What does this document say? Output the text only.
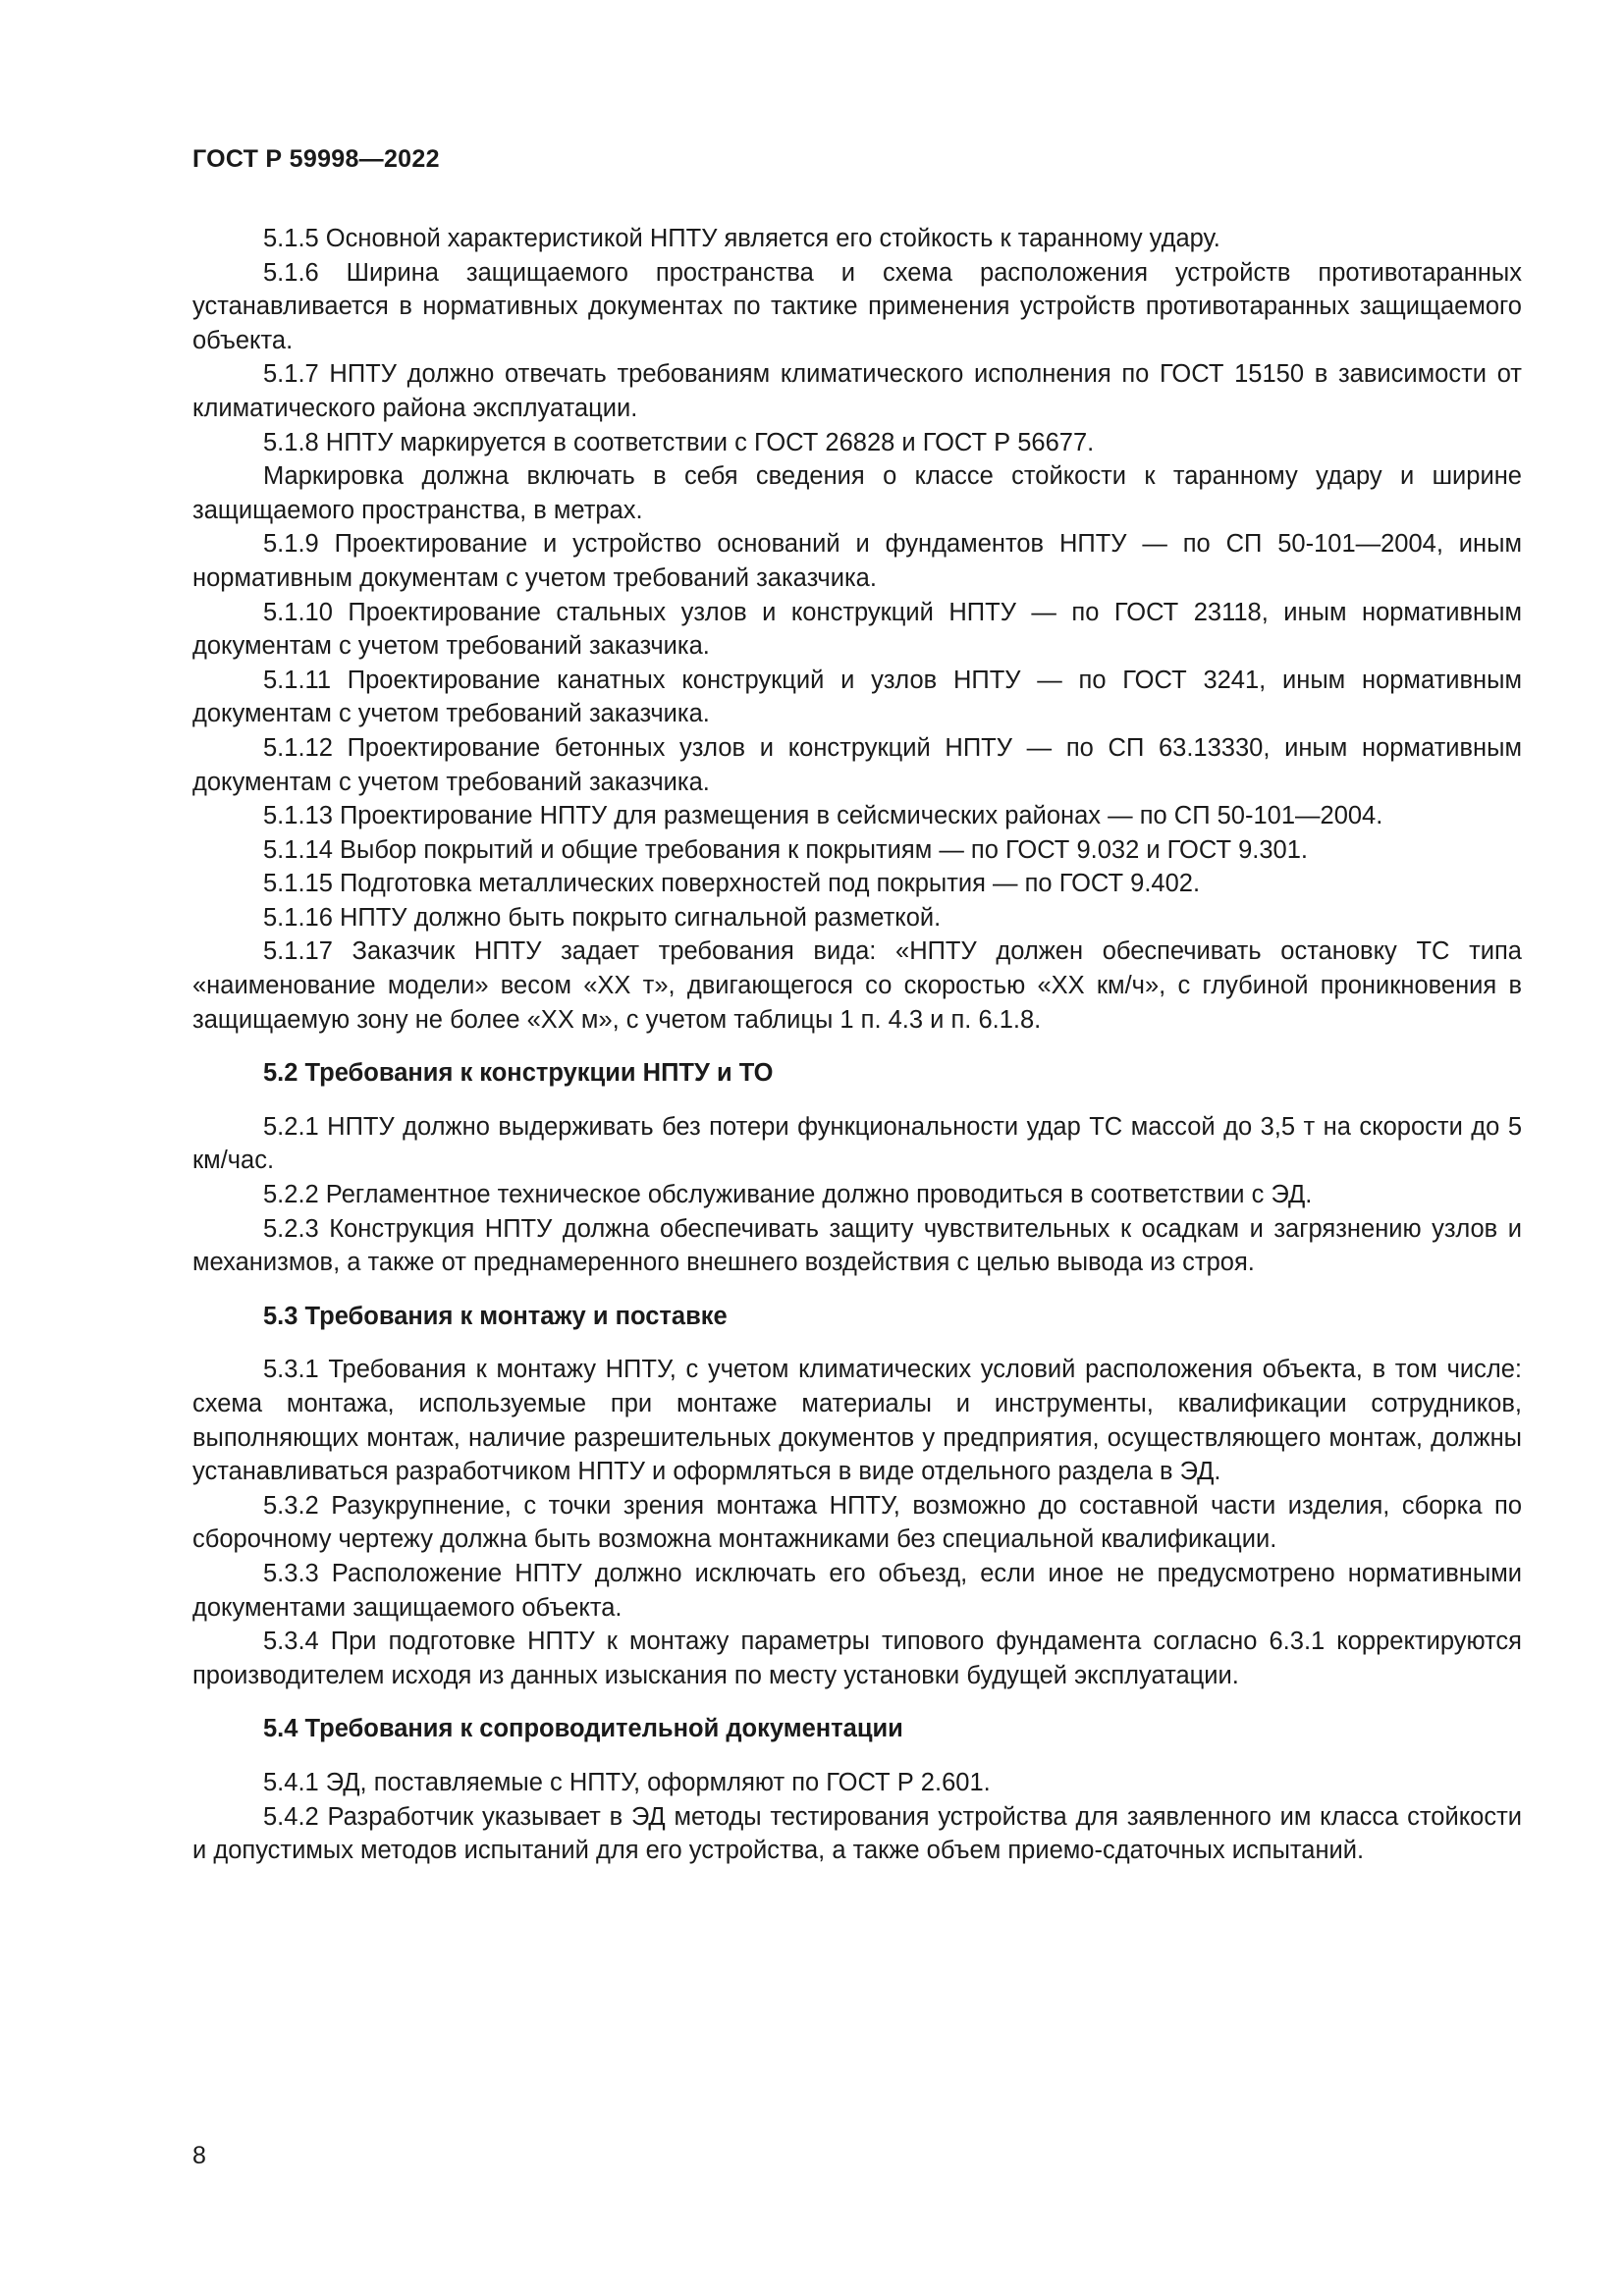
ГОСТ Р 59998—2022

5.1.5 Основной характеристикой НПТУ является его стойкость к таранному удару.

5.1.6 Ширина защищаемого пространства и схема расположения устройств противотаранных устанавливается в нормативных документах по тактике применения устройств противотаранных защищаемого объекта.

5.1.7 НПТУ должно отвечать требованиям климатического исполнения по ГОСТ 15150 в зависимости от климатического района эксплуатации.

5.1.8 НПТУ маркируется в соответствии с ГОСТ 26828 и ГОСТ Р 56677.

Маркировка должна включать в себя сведения о классе стойкости к таранному удару и ширине защищаемого пространства, в метрах.

5.1.9 Проектирование и устройство оснований и фундаментов НПТУ — по СП 50-101—2004, иным нормативным документам с учетом требований заказчика.

5.1.10 Проектирование стальных узлов и конструкций НПТУ — по ГОСТ 23118, иным нормативным документам с учетом требований заказчика.

5.1.11 Проектирование канатных конструкций и узлов НПТУ — по ГОСТ 3241, иным нормативным документам с учетом требований заказчика.

5.1.12 Проектирование бетонных узлов и конструкций НПТУ — по СП 63.13330, иным нормативным документам с учетом требований заказчика.

5.1.13 Проектирование НПТУ для размещения в сейсмических районах — по СП 50-101—2004.

5.1.14 Выбор покрытий и общие требования к покрытиям — по ГОСТ 9.032 и ГОСТ 9.301.

5.1.15 Подготовка металлических поверхностей под покрытия — по ГОСТ 9.402.

5.1.16 НПТУ должно быть покрыто сигнальной разметкой.

5.1.17 Заказчик НПТУ задает требования вида: «НПТУ должен обеспечивать остановку ТС типа «наименование модели» весом «XX т», двигающегося со скоростью «XX км/ч», с глубиной проникновения в защищаемую зону не более «XX м», с учетом таблицы 1 п. 4.3 и п. 6.1.8.

5.2 Требования к конструкции НПТУ и ТО

5.2.1 НПТУ должно выдерживать без потери функциональности удар ТС массой до 3,5 т на скорости до 5 км/час.

5.2.2 Регламентное техническое обслуживание должно проводиться в соответствии с ЭД.

5.2.3 Конструкция НПТУ должна обеспечивать защиту чувствительных к осадкам и загрязнению узлов и механизмов, а также от преднамеренного внешнего воздействия с целью вывода из строя.

5.3 Требования к монтажу и поставке

5.3.1 Требования к монтажу НПТУ, с учетом климатических условий расположения объекта, в том числе: схема монтажа, используемые при монтаже материалы и инструменты, квалификации сотрудников, выполняющих монтаж, наличие разрешительных документов у предприятия, осуществляющего монтаж, должны устанавливаться разработчиком НПТУ и оформляться в виде отдельного раздела в ЭД.

5.3.2 Разукрупнение, с точки зрения монтажа НПТУ, возможно до составной части изделия, сборка по сборочному чертежу должна быть возможна монтажниками без специальной квалификации.

5.3.3 Расположение НПТУ должно исключать его объезд, если иное не предусмотрено нормативными документами защищаемого объекта.

5.3.4 При подготовке НПТУ к монтажу параметры типового фундамента согласно 6.3.1 корректируются производителем исходя из данных изыскания по месту установки будущей эксплуатации.

5.4 Требования к сопроводительной документации

5.4.1 ЭД, поставляемые с НПТУ, оформляют по ГОСТ Р 2.601.

5.4.2 Разработчик указывает в ЭД методы тестирования устройства для заявленного им класса стойкости и допустимых методов испытаний для его устройства, а также объем приемо-сдаточных испытаний.

8
